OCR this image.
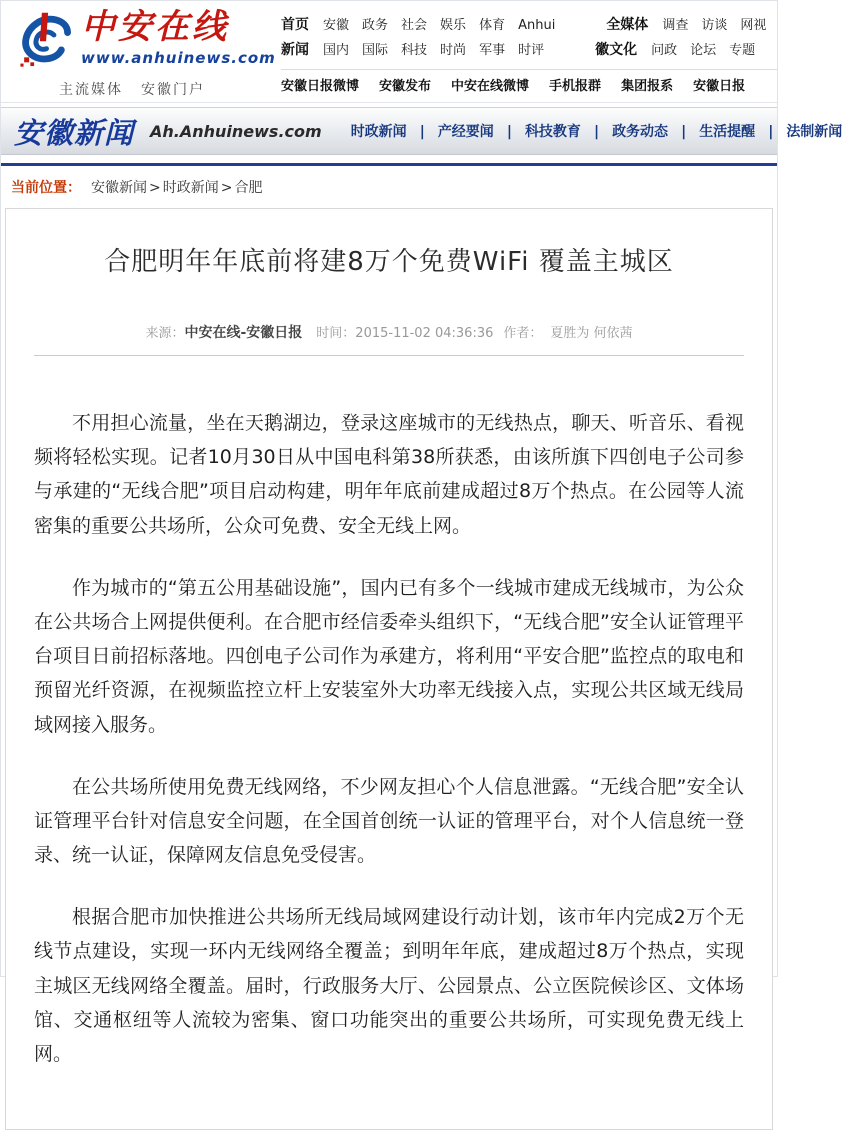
中安在线
www.anhuinews.com
主流媒体 安徽门户
首页 安徽 政务 社会 娱乐 体育 Anhui	全媒体 调查 访谈 网视
新闻 国内 国际 科技 时尚 军事 时评	徽文化 问政 论坛 专题
安徽日报微博 安徽发布 中安在线微博 手机报群 集团报系 安徽日报
安徽新闻 Ah.Anhuinews.com	时政新闻 | 产经要闻 | 科技教育 | 政务动态 | 生活提醒 | 法制新闻
当前位置： 安徽新闻 > 时政新闻 > 合肥
合肥明年年底前将建8万个免费WiFi 覆盖主城区
来源：中安在线-安徽日报 时间：2015-11-02 04:36:36 作者： 夏胜为 何依茜

不用担心流量，坐在天鹅湖边，登录这座城市的无线热点，聊天、听音乐、看视频将轻松实现。记者10月30日从中国电科第38所获悉，由该所旗下四创电子公司参与承建的“无线合肥”项目启动构建，明年年底前建成超过8万个热点。在公园等人流密集的重要公共场所，公众可免费、安全无线上网。

作为城市的“第五公用基础设施”，国内已有多个一线城市建成无线城市，为公众在公共场合上网提供便利。在合肥市经信委牵头组织下，“无线合肥”安全认证管理平台项目日前招标落地。四创电子公司作为承建方，将利用“平安合肥”监控点的取电和预留光纤资源，在视频监控立杆上安装室外大功率无线接入点，实现公共区域无线局域网接入服务。

在公共场所使用免费无线网络，不少网友担心个人信息泄露。“无线合肥”安全认证管理平台针对信息安全问题，在全国首创统一认证的管理平台，对个人信息统一登录、统一认证，保障网友信息免受侵害。

根据合肥市加快推进公共场所无线局域网建设行动计划，该市年内完成2万个无线节点建设，实现一环内无线网络全覆盖；到明年年底，建成超过8万个热点，实现主城区无线网络全覆盖。届时，行政服务大厅、公园景点、公立医院候诊区、文体场馆、交通枢纽等人流较为密集、窗口功能突出的重要公共场所，可实现免费无线上网。
